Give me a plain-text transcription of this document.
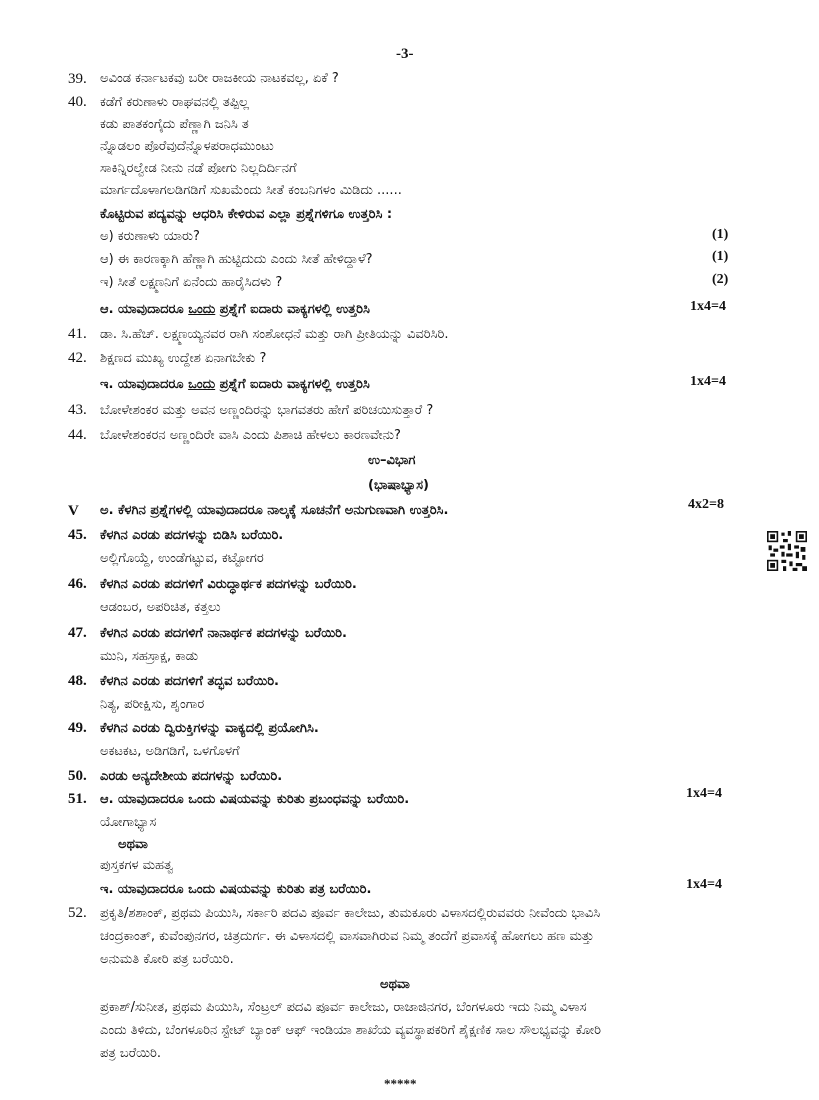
-3-
39. ಅವಿಂಡ ಕರ್ನಾಟಕವು ಬರೀ ರಾಜಕೀಯ ನಾಟಕವಲ್ಲ, ಏಕೆ ?
40. ಕಡೆಗೆ ಕರುಣಾಳು ರಾಘವನಲ್ಲಿ ತಪ್ಪಿಲ್ಲ
ಕಡು ಪಾತಕಂಗೈದು ಪೆಣ್ಣಾಗಿ ಜನಿಸಿ ತ
ನ್ನೊಡಲಂ ಪೊರೆವುದೆನ್ನೊಳಪರಾಧಮುಂಟು
ಸಾಕಿನ್ನಿರಲ್ವೇಡ ನೀನು ನಡೆ ಪೋಗು ನಿಲ್ಲದಿರ್ದಿನಗೆ
ಮಾರ್ಗದೊಳಾಗಲಡಿಗಡಿಗೆ ಸುಖಮೆಂದು ಸೀತೆ ಕಂಬನಿಗಳಂ ಮಿಡಿದು ......
ಕೊಟ್ಟಿರುವ ಪದ್ಯವನ್ನು ಆಧರಿಸಿ ಕೇಳಿರುವ ಎಲ್ಲಾ ಪ್ರಶ್ನೆಗಳಿಗೂ ಉತ್ತರಿಸಿ :
ಅ) ಕರುಣಾಳು ಯಾರು?	(1)
ಆ) ಈ ಕಾರಣಕ್ಕಾಗಿ ಹೆಣ್ಣಾಗಿ ಹುಟ್ಟಿದುದು ಎಂದು ಸೀತೆ ಹೇಳಿದ್ದಾಳೆ?	(1)
ಇ) ಸೀತೆ ಲಕ್ಷ್ಮಣನಿಗೆ ಏನೆಂದು ಹಾರೈಸಿದಳು ?	(2)
ಆ. ಯಾವುದಾದರೂ ಒಂದು ಪ್ರಶ್ನೆಗೆ ಐದಾರು ವಾಕ್ಯಗಳಲ್ಲಿ ಉತ್ತರಿಸಿ	1x4=4
41. ಡಾ. ಸಿ.ಹೆಚ್. ಲಕ್ಷ್ಮಣಯ್ಯನವರ ರಾಗಿ ಸಂಶೋಧನೆ ಮತ್ತು ರಾಗಿ ಪ್ರೀತಿಯನ್ನು ವಿವರಿಸಿರಿ.
42. ಶಿಕ್ಷಣದ ಮುಖ್ಯ ಉದ್ದೇಶ ಏನಾಗಬೇಕು ?
ಇ. ಯಾವುದಾದರೂ ಒಂದು ಪ್ರಶ್ನೆಗೆ ಐದಾರು ವಾಕ್ಯಗಳಲ್ಲಿ ಉತ್ತರಿಸಿ	1x4=4
43. ಬೋಳೇಶಂಕರ ಮತ್ತು ಅವನ ಅಣ್ಣಂದಿರನ್ನು ಭಾಗವತರು ಹೇಗೆ ಪರಿಚಯಿಸುತ್ತಾರೆ ?
44. ಬೋಳೇಶಂಕರನ ಅಣ್ಣಂದಿರೇ ವಾಸಿ ಎಂದು ಪಿಶಾಚಿ ಹೇಳಲು ಕಾರಣವೇನು?
ಉ–ವಿಭಾಗ
(ಭಾಷಾಭ್ಯಾಸ)
V ಅ. ಕೆಳಗಿನ ಪ್ರಶ್ನೆಗಳಲ್ಲಿ ಯಾವುದಾದರೂ ನಾಲ್ಕಕ್ಕೆ ಸೂಚನೆಗೆ ಅನುಗುಣವಾಗಿ ಉತ್ತರಿಸಿ.	4x2=8
45. ಕೆಳಗಿನ ಎರಡು ಪದಗಳನ್ನು ಬಿಡಿಸಿ ಬರೆಯಿರಿ.
ಅಲ್ಲಿಗೊಯ್ದೆ, ಉಂಡೆಗಟ್ಟುವ, ಕಟ್ಟೋಗರ
46. ಕೆಳಗಿನ ಎರಡು ಪದಗಳಿಗೆ ವಿರುದ್ಧಾರ್ಥಕ ಪದಗಳನ್ನು ಬರೆಯಿರಿ.
ಆಡಂಬರ, ಅಪರಿಚಿತ, ಕತ್ತಲು
47. ಕೆಳಗಿನ ಎರಡು ಪದಗಳಿಗೆ ನಾನಾರ್ಥಕ ಪದಗಳನ್ನು ಬರೆಯಿರಿ.
ಮುನಿ, ಸಹಸ್ರಾಕ್ಷ, ಕಾಡು
48. ಕೆಳಗಿನ ಎರಡು ಪದಗಳಿಗೆ ತದ್ಭವ ಬರೆಯಿರಿ.
ನಿತ್ಯ, ಪರೀಕ್ಷಿಸು, ಶೃಂಗಾರ
49. ಕೆಳಗಿನ ಎರಡು ದ್ವಿರುಕ್ತಿಗಳನ್ನು ವಾಕ್ಯದಲ್ಲಿ ಪ್ರಯೋಗಿಸಿ.
ಅಕಟಕಟ, ಅಡಿಗಡಿಗೆ, ಒಳಗೊಳಗೆ
50. ಎರಡು ಅನ್ಯದೇಶೀಯ ಪದಗಳನ್ನು ಬರೆಯಿರಿ.
51. ಆ. ಯಾವುದಾದರೂ ಒಂದು ವಿಷಯವನ್ನು ಕುರಿತು ಪ್ರಬಂಧವನ್ನು ಬರೆಯಿರಿ.	1x4=4
ಯೋಗಾಭ್ಯಾಸ
ಅಥವಾ
ಪುಸ್ತಕಗಳ ಮಹತ್ವ
ಇ. ಯಾವುದಾದರೂ ಒಂದು ವಿಷಯವನ್ನು ಕುರಿತು ಪತ್ರ ಬರೆಯಿರಿ.	1x4=4
52. ಪ್ರಕೃತಿ/ಶಶಾಂಕ್, ಪ್ರಥಮ ಪಿಯುಸಿ, ಸರ್ಕಾರಿ ಪದವಿ ಪೂರ್ವ ಕಾಲೇಜು, ತುಮಕೂರು ವಿಳಾಸದಲ್ಲಿರುವವರು ನೀವೆಂದು ಭಾವಿಸಿ
ಚಂದ್ರಕಾಂತ್, ಕುವೆಂಪುನಗರ, ಚಿತ್ರದುರ್ಗ. ಈ ವಿಳಾಸದಲ್ಲಿ ವಾಸವಾಗಿರುವ ನಿಮ್ಮ ತಂದೆಗೆ ಪ್ರವಾಸಕ್ಕೆ ಹೋಗಲು ಹಣ ಮತ್ತು
ಅನುಮತಿ ಕೋರಿ ಪತ್ರ ಬರೆಯಿರಿ.
ಅಥವಾ
ಪ್ರಕಾಶ್/ಸುನೀತ, ಪ್ರಥಮ ಪಿಯುಸಿ, ಸೆಂಟ್ರಲ್ ಪದವಿ ಪೂರ್ವ ಕಾಲೇಜು, ರಾಜಾಜಿನಗರ, ಬೆಂಗಳೂರು ಇದು ನಿಮ್ಮ ವಿಳಾಸ
ಎಂದು ತಿಳಿದು, ಬೆಂಗಳೂರಿನ ಸ್ಟೇಟ್ ಬ್ಯಾಂಕ್ ಆಫ್ ಇಂಡಿಯಾ ಶಾಖೆಯ ವ್ಯವಸ್ಥಾಪಕರಿಗೆ ಶೈಕ್ಷಣಿಕ ಸಾಲ ಸೌಲಭ್ಯವನ್ನು ಕೋರಿ
ಪತ್ರ ಬರೆಯಿರಿ.
*****
